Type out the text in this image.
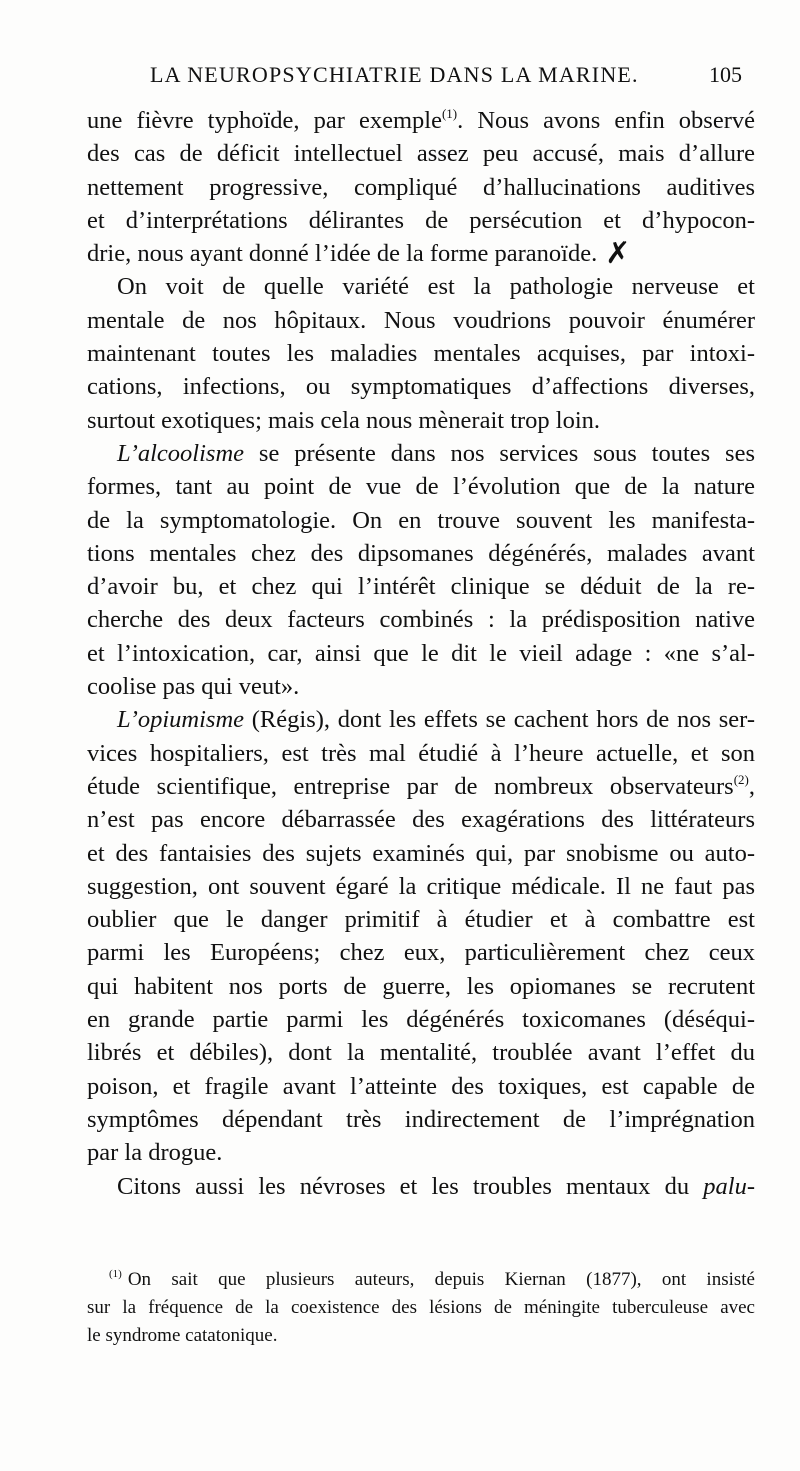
LA NEUROPSYCHIATRIE DANS LA MARINE.	105
une fièvre typhoïde, par exemple$^{(1)}$. Nous avons enfin observé
des cas de déficit intellectuel assez peu accusé, mais d’allure
nettement progressive, compliqué d’hallucinations auditives
et d’interprétations délirantes de persécution et d’hypocon-
drie, nous ayant donné l’idée de la forme paranoïde. ✗
On voit de quelle variété est la pathologie nerveuse et
mentale de nos hôpitaux. Nous voudrions pouvoir énumérer
maintenant toutes les maladies mentales acquises, par intoxi-
cations, infections, ou symptomatiques d’affections diverses,
surtout exotiques; mais cela nous mènerait trop loin.
L’alcoolisme se présente dans nos services sous toutes ses
formes, tant au point de vue de l’évolution que de la nature
de la symptomatologie. On en trouve souvent les manifesta-
tions mentales chez des dipsomanes dégénérés, malades avant
d’avoir bu, et chez qui l’intérêt clinique se déduit de la re-
cherche des deux facteurs combinés : la prédisposition native
et l’intoxication, car, ainsi que le dit le vieil adage : «ne s’al-
coolise pas qui veut».
L’opiumisme (Régis), dont les effets se cachent hors de nos ser-
vices hospitaliers, est très mal étudié à l’heure actuelle, et son
étude scientifique, entreprise par de nombreux observateurs$^{(2)}$,
n’est pas encore débarrassée des exagérations des littérateurs
et des fantaisies des sujets examinés qui, par snobisme ou auto-
suggestion, ont souvent égaré la critique médicale. Il ne faut pas
oublier que le danger primitif à étudier et à combattre est
parmi les Européens; chez eux, particulièrement chez ceux
qui habitent nos ports de guerre, les opiomanes se recrutent
en grande partie parmi les dégénérés toxicomanes (déséqui-
librés et débiles), dont la mentalité, troublée avant l’effet du
poison, et fragile avant l’atteinte des toxiques, est capable de
symptômes dépendant très indirectement de l’imprégnation
par la drogue.
Citons aussi les névroses et les troubles mentaux du palu-
$^{(1)}$ On sait que plusieurs auteurs, depuis Kiernan (1877), ont insisté
sur la fréquence de la coexistence des lésions de méningite tuberculeuse avec
le syndrome catatonique.
